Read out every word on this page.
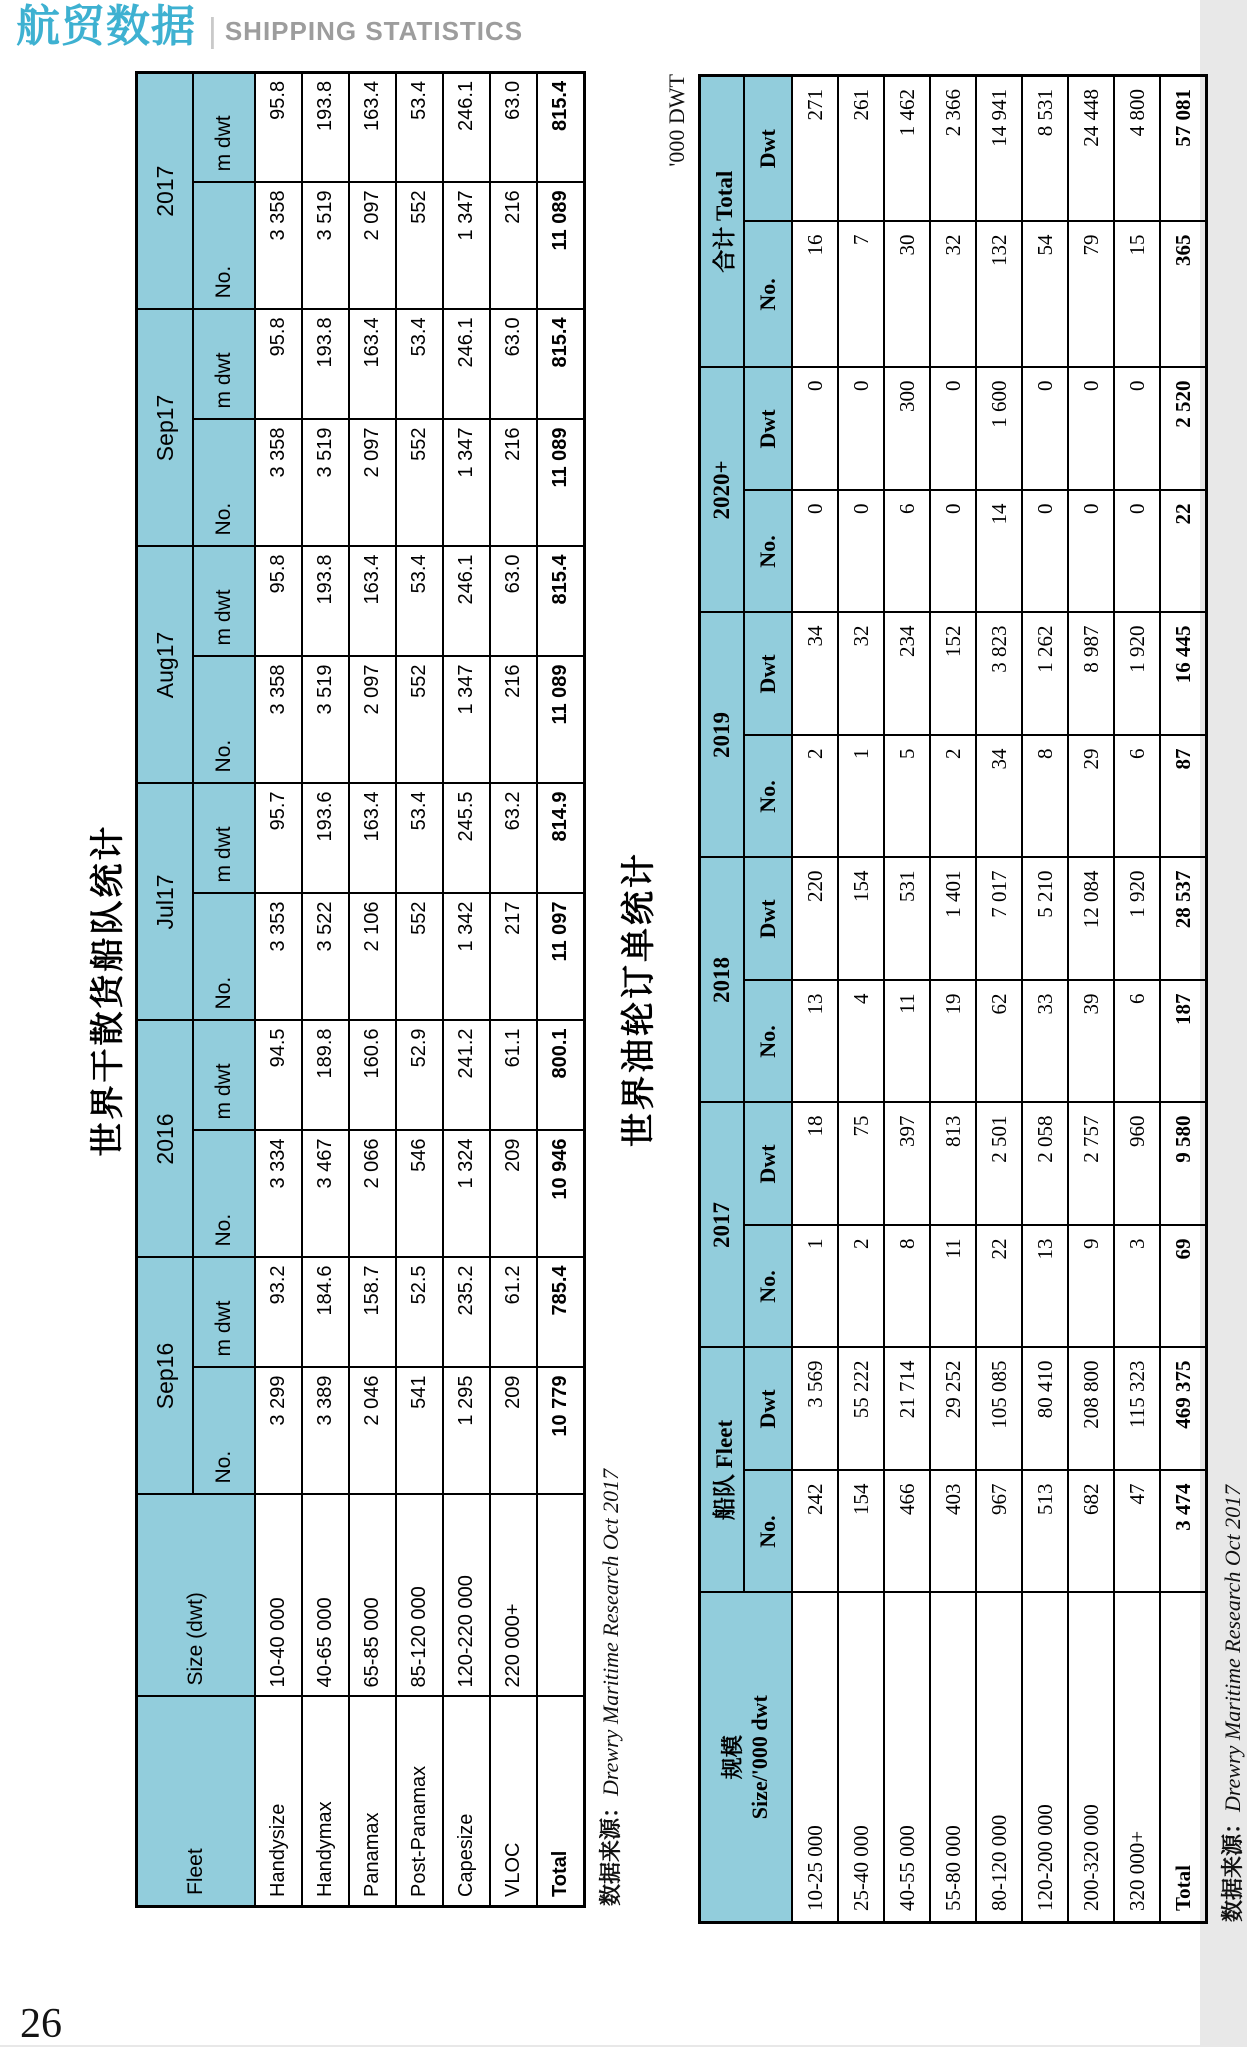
航贸数据 | SHIPPING STATISTICS
世界干散货船队统计
Fleet	Size (dwt)	Sep16		2016		Jul17		Aug17		Sep17		2017	
		No.	m dwt	No.	m dwt	No.	m dwt	No.	m dwt	No.	m dwt	No.	m dwt
Handysize	10-40 000	3 299	93.2	3 334	94.5	3 353	95.7	3 358	95.8	3 358	95.8	3 358	95.8
Handymax	40-65 000	3 389	184.6	3 467	189.8	3 522	193.6	3 519	193.8	3 519	193.8	3 519	193.8
Panamax	65-85 000	2 046	158.7	2 066	160.6	2 106	163.4	2 097	163.4	2 097	163.4	2 097	163.4
Post-Panamax	85-120 000	541	52.5	546	52.9	552	53.4	552	53.4	552	53.4	552	53.4
Capesize	120-220 000	1 295	235.2	1 324	241.2	1 342	245.5	1 347	246.1	1 347	246.1	1 347	246.1
VLOC	220 000+	209	61.2	209	61.1	217	63.2	216	63.0	216	63.0	216	63.0
Total		10 779	785.4	10 946	800.1	11 097	814.9	11 089	815.4	11 089	815.4	11 089	815.4
数据来源：Drewry Maritime Research Oct 2017
世界油轮订单统计
'000 DWT
规模 Size/'000 dwt	船队 Fleet		2017		2018		2019		2020+		合计 Total	
	No.	Dwt	No.	Dwt	No.	Dwt	No.	Dwt	No.	Dwt	No.	Dwt
10-25 000	242	3 569	1	18	13	220	2	34	0	0	16	271
25-40 000	154	55 222	2	75	4	154	1	32	0	0	7	261
40-55 000	466	21 714	8	397	11	531	5	234	6	300	30	1 462
55-80 000	403	29 252	11	813	19	1 401	2	152	0	0	32	2 366
80-120 000	967	105 085	22	2 501	62	7 017	34	3 823	14	1 600	132	14 941
120-200 000	513	80 410	13	2 058	33	5 210	8	1 262	0	0	54	8 531
200-320 000	682	208 800	9	2 757	39	12 084	29	8 987	0	0	79	24 448
320 000+	47	115 323	3	960	6	1 920	6	1 920	0	0	15	4 800
Total	3 474	469 375	69	9 580	187	28 537	87	16 445	22	2 520	365	57 081
数据来源：Drewry Maritime Research Oct 2017
26
